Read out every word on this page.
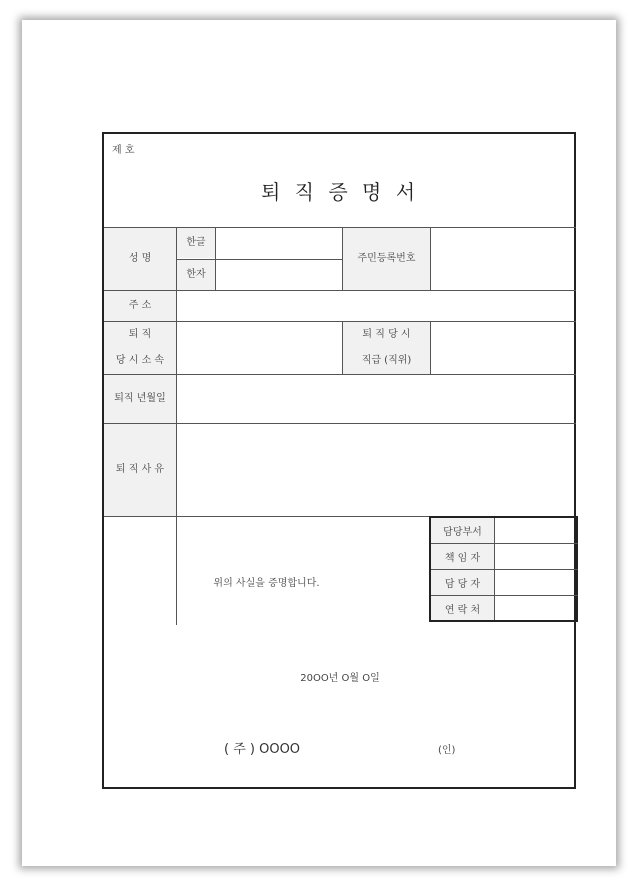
제 호
퇴 직 증 명 서
성 명
한글
한자
주민등록번호
주 소
퇴 직
당 시 소 속
퇴 직 당 시
직급 (직위)
퇴직 년월일
퇴 직 사 유
담당부서
책 임 자
담 당 자
연 락 처
위의 사실을 증명합니다.
20OO년 O월 O일
( 주 ) OOOO	(인)
